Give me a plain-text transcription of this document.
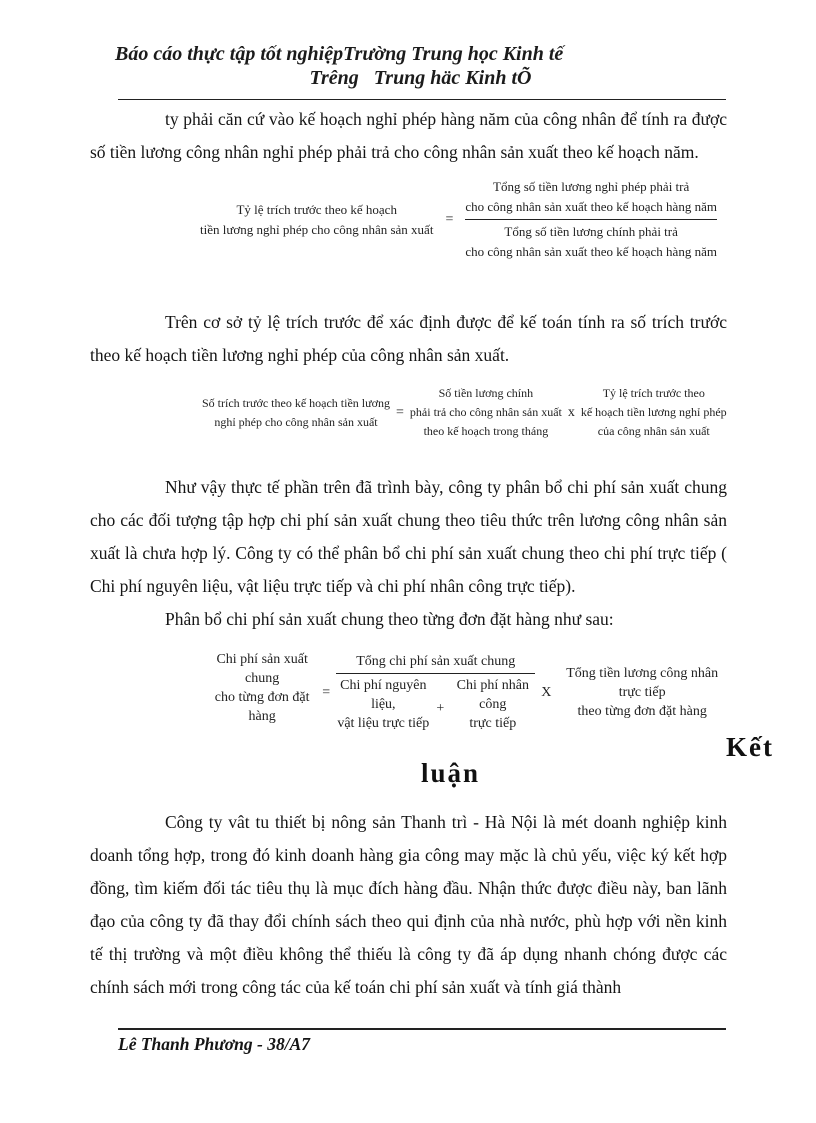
Báo cáo thực tập tốt nghiệpTrường Trung học Kinh tế
Trêng   Trung häc Kinh tÕ

ty phải căn cứ vào kế hoạch nghỉ phép hàng năm của công nhân để tính ra được số tiền lương công nhân nghỉ phép phải trả cho công nhân sản xuất theo kế hoạch năm.

Tỷ lệ trích trước theo kế hoạch
tiền lương nghỉ phép cho công nhân sản xuất
=
Tổng số tiền lương nghỉ phép phải trả
cho công nhân sản xuất theo kế hoạch hàng năm
Tổng số tiền lương chính phải trả
cho công nhân sản xuất theo kế hoạch hàng năm

Trên cơ sở tỷ lệ trích trước để xác định được để kế toán tính ra số trích trước theo kế hoạch tiền lương nghỉ phép của công nhân sản xuất.

Số trích trước theo kế hoạch tiền lương
nghỉ phép cho công nhân sản xuất
=
Số tiền lương chính
phải trả cho công nhân sản xuất
theo kế hoạch trong tháng
x
Tỷ lệ trích trước theo
kế hoạch tiền lương nghỉ phép
của công nhân sản xuất

Như vậy thực tế phần trên đã trình bày, công ty phân bổ chi phí sản xuất chung cho các đối tượng tập hợp chi phí sản xuất chung theo tiêu thức trên lương công nhân sản xuất là chưa hợp lý. Công ty có thể phân bổ chi phí sản xuất chung theo chi phí trực tiếp ( Chi phí nguyên liệu, vật liệu trực tiếp và chi phí nhân công trực tiếp).

Phân bổ chi phí sản xuất chung theo từng đơn đặt hàng như sau:

Chi phí sản xuất chung
cho từng đơn đặt hàng
=
Tổng chi phí sản xuất chung
Chi phí nguyên liệu,
vật liệu trực tiếp
+
Chi phí nhân công
trực tiếp
X
Tổng tiền lương công nhân trực tiếp
theo từng đơn đặt hàng

Công ty vât tu thiết bị nông sản Thanh trì - Hà Nội là mét doanh nghiệp kinh doanh tổng hợp, trong đó kinh doanh hàng gia công may mặc là chủ yếu, việc ký kết hợp đồng, tìm kiếm đối tác tiêu thụ là mục đích hàng đầu. Nhận thức được điều này, ban lãnh đạo của công ty đã thay đổi chính sách theo qui định của nhà nước, phù hợp với nền kinh tế thị trường và một điều không thể thiếu là công ty đã áp dụng nhanh chóng được các chính sách mới trong công tác của kế toán chi phí sản xuất và tính giá thành

Kết
luận
Lê Thanh Phương - 38/A7
